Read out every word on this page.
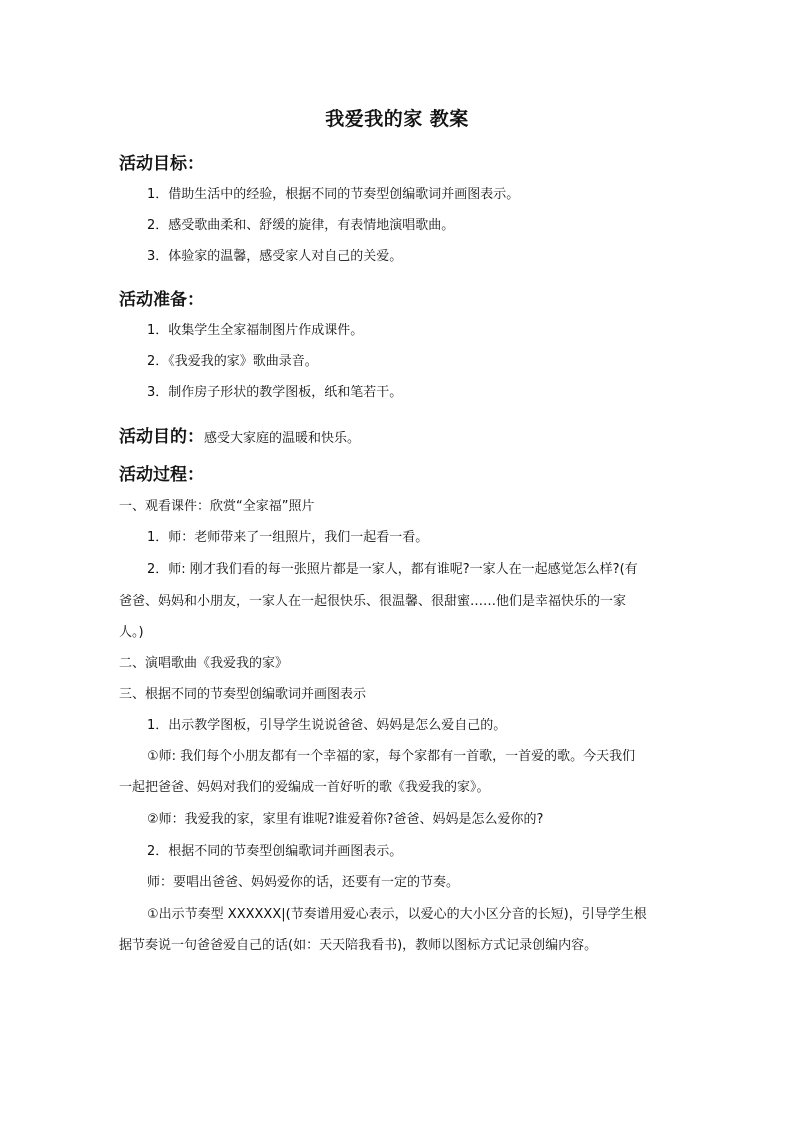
我爱我的家 教案
活动目标：
1．借助生活中的经验，根据不同的节奏型创编歌词并画图表示。
2．感受歌曲柔和、舒缓的旋律，有表情地演唱歌曲。
3．体验家的温馨，感受家人对自己的关爱。
活动准备：
1．收集学生全家福制图片作成课件。
2．《我爱我的家》歌曲录音。
3．制作房子形状的教学图板，纸和笔若干。
活动目的：感受大家庭的温暖和快乐。
活动过程：
一、观看课件：欣赏“全家福”照片
1．师：老师带来了一组照片，我们一起看一看。
2．师: 刚才我们看的每一张照片都是一家人，都有谁呢?一家人在一起感觉怎么样?(有
爸爸、妈妈和小朋友，一家人在一起很快乐、很温馨、很甜蜜……他们是幸福快乐的一家
人。)
二、演唱歌曲《我爱我的家》
三、根据不同的节奏型创编歌词并画图表示
1．出示教学图板，引导学生说说爸爸、妈妈是怎么爱自己的。
①师: 我们每个小朋友都有一个幸福的家，每个家都有一首歌，一首爱的歌。今天我们
一起把爸爸、妈妈对我们的爱编成一首好听的歌《我爱我的家》。
②师：我爱我的家，家里有谁呢?谁爱着你?爸爸、妈妈是怎么爱你的?
2．根据不同的节奏型创编歌词并画图表示。
师：要唱出爸爸、妈妈爱你的话，还要有一定的节奏。
①出示节奏型 XXXXXX|(节奏谱用爱心表示，以爱心的大小区分音的长短)，引导学生根
据节奏说一句爸爸爱自己的话(如：天天陪我看书)，教师以图标方式记录创编内容。
